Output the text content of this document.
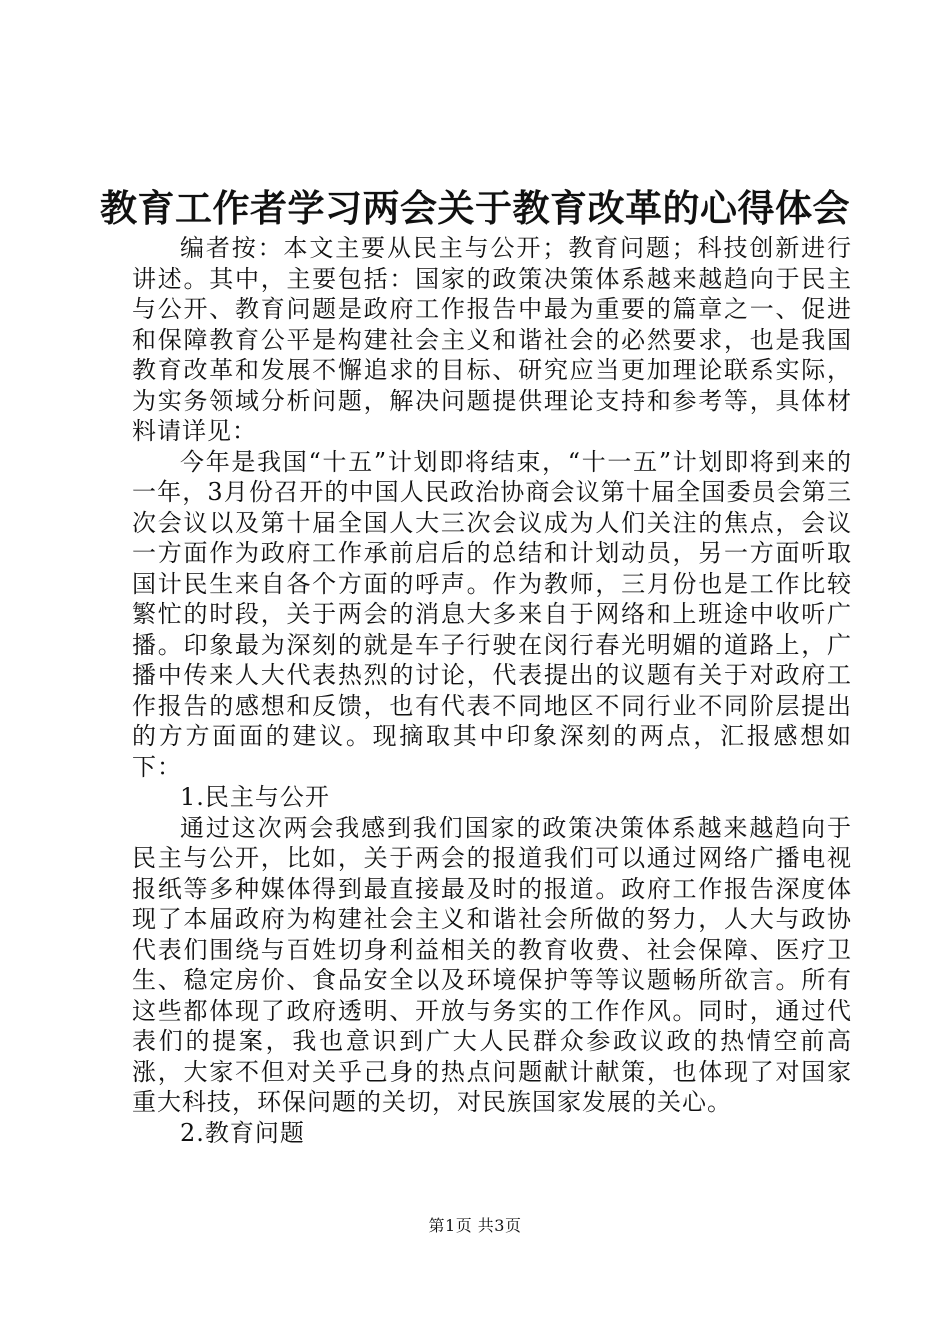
教育工作者学习两会关于教育改革的心得体会

编者按：本文主要从民主与公开；教育问题；科技创新进行讲述。其中，主要包括：国家的政策决策体系越来越趋向于民主与公开、教育问题是政府工作报告中最为重要的篇章之一、促进和保障教育公平是构建社会主义和谐社会的必然要求，也是我国教育改革和发展不懈追求的目标、研究应当更加理论联系实际，为实务领域分析问题，解决问题提供理论支持和参考等，具体材料请详见：

今年是我国“十五”计划即将结束，“十一五”计划即将到来的一年，3月份召开的中国人民政治协商会议第十届全国委员会第三次会议以及第十届全国人大三次会议成为人们关注的焦点，会议一方面作为政府工作承前启后的总结和计划动员，另一方面听取国计民生来自各个方面的呼声。作为教师，三月份也是工作比较繁忙的时段，关于两会的消息大多来自于网络和上班途中收听广播。印象最为深刻的就是车子行驶在闵行春光明媚的道路上，广播中传来人大代表热烈的讨论，代表提出的议题有关于对政府工作报告的感想和反馈，也有代表不同地区不同行业不同阶层提出的方方面面的建议。现摘取其中印象深刻的两点，汇报感想如下：

1.民主与公开

通过这次两会我感到我们国家的政策决策体系越来越趋向于民主与公开，比如，关于两会的报道我们可以通过网络广播电视报纸等多种媒体得到最直接最及时的报道。政府工作报告深度体现了本届政府为构建社会主义和谐社会所做的努力，人大与政协代表们围绕与百姓切身利益相关的教育收费、社会保障、医疗卫生、稳定房价、食品安全以及环境保护等等议题畅所欲言。所有这些都体现了政府透明、开放与务实的工作作风。同时，通过代表们的提案，我也意识到广大人民群众参政议政的热情空前高涨，大家不但对关乎己身的热点问题献计献策，也体现了对国家重大科技，环保问题的关切，对民族国家发展的关心。

2.教育问题

第1页 共3页
